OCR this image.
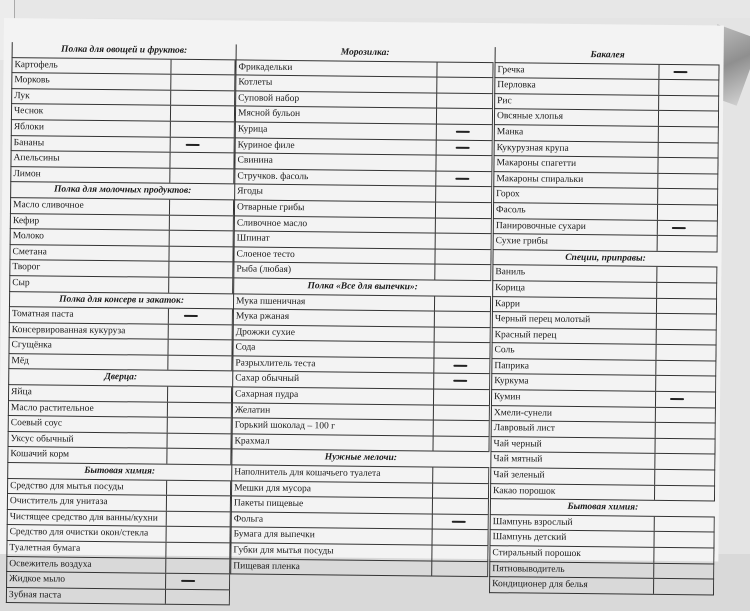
Полка для овощей и фруктов:
Картофель
Морковь
Лук
Чеснок
Яблоки
Бананы
Апельсины
Лимон
Полка для молочных продуктов:
Масло сливочное
Кефир
Молоко
Сметана
Творог
Сыр
Полка для консерв и закаток:
Томатная паста
Консервированная кукуруза
Сгущёнка
Мёд
Дверца:
Яйца
Масло растительное
Соевый соус
Уксус обычный
Кошачий корм
Бытовая химия:
Средство для мытья посуды
Очиститель для унитаза
Чистящее средство для ванны/кухни
Средство для очистки окон/стекла
Туалетная бумага
Освежитель воздуха
Жидкое мыло
Зубная паста
Морозилка:
Фрикадельки
Котлеты
Суповой набор
Мясной бульон
Курица
Куриное филе
Свинина
Стручков. фасоль
Ягоды
Отварные грибы
Сливочное масло
Шпинат
Слоеное тесто
Рыба (любая)
Полка «Все для выпечки»:
Мука пшеничная
Мука ржаная
Дрожжи сухие
Сода
Разрыхлитель теста
Сахар обычный
Сахарная пудра
Желатин
Горький шоколад – 100 г
Крахмал
Нужные мелочи:
Наполнитель для кошачьего туалета
Мешки для мусора
Пакеты пищевые
Фольга
Бумага для выпечки
Губки для мытья посуды
Пищевая пленка
Бакалея
Гречка
Перловка
Рис
Овсяные хлопья
Манка
Кукурузная крупа
Макароны спагетти
Макароны спиральки
Горох
Фасоль
Панировочные сухари
Сухие грибы
Специи, приправы:
Ваниль
Корица
Карри
Черный перец молотый
Красный перец
Соль
Паприка
Куркума
Кумин
Хмели-сунели
Лавровый лист
Чай черный
Чай мятный
Чай зеленый
Какао порошок
Бытовая химия:
Шампунь взрослый
Шампунь детский
Стиральный порошок
Пятновыводитель
Кондиционер для белья
